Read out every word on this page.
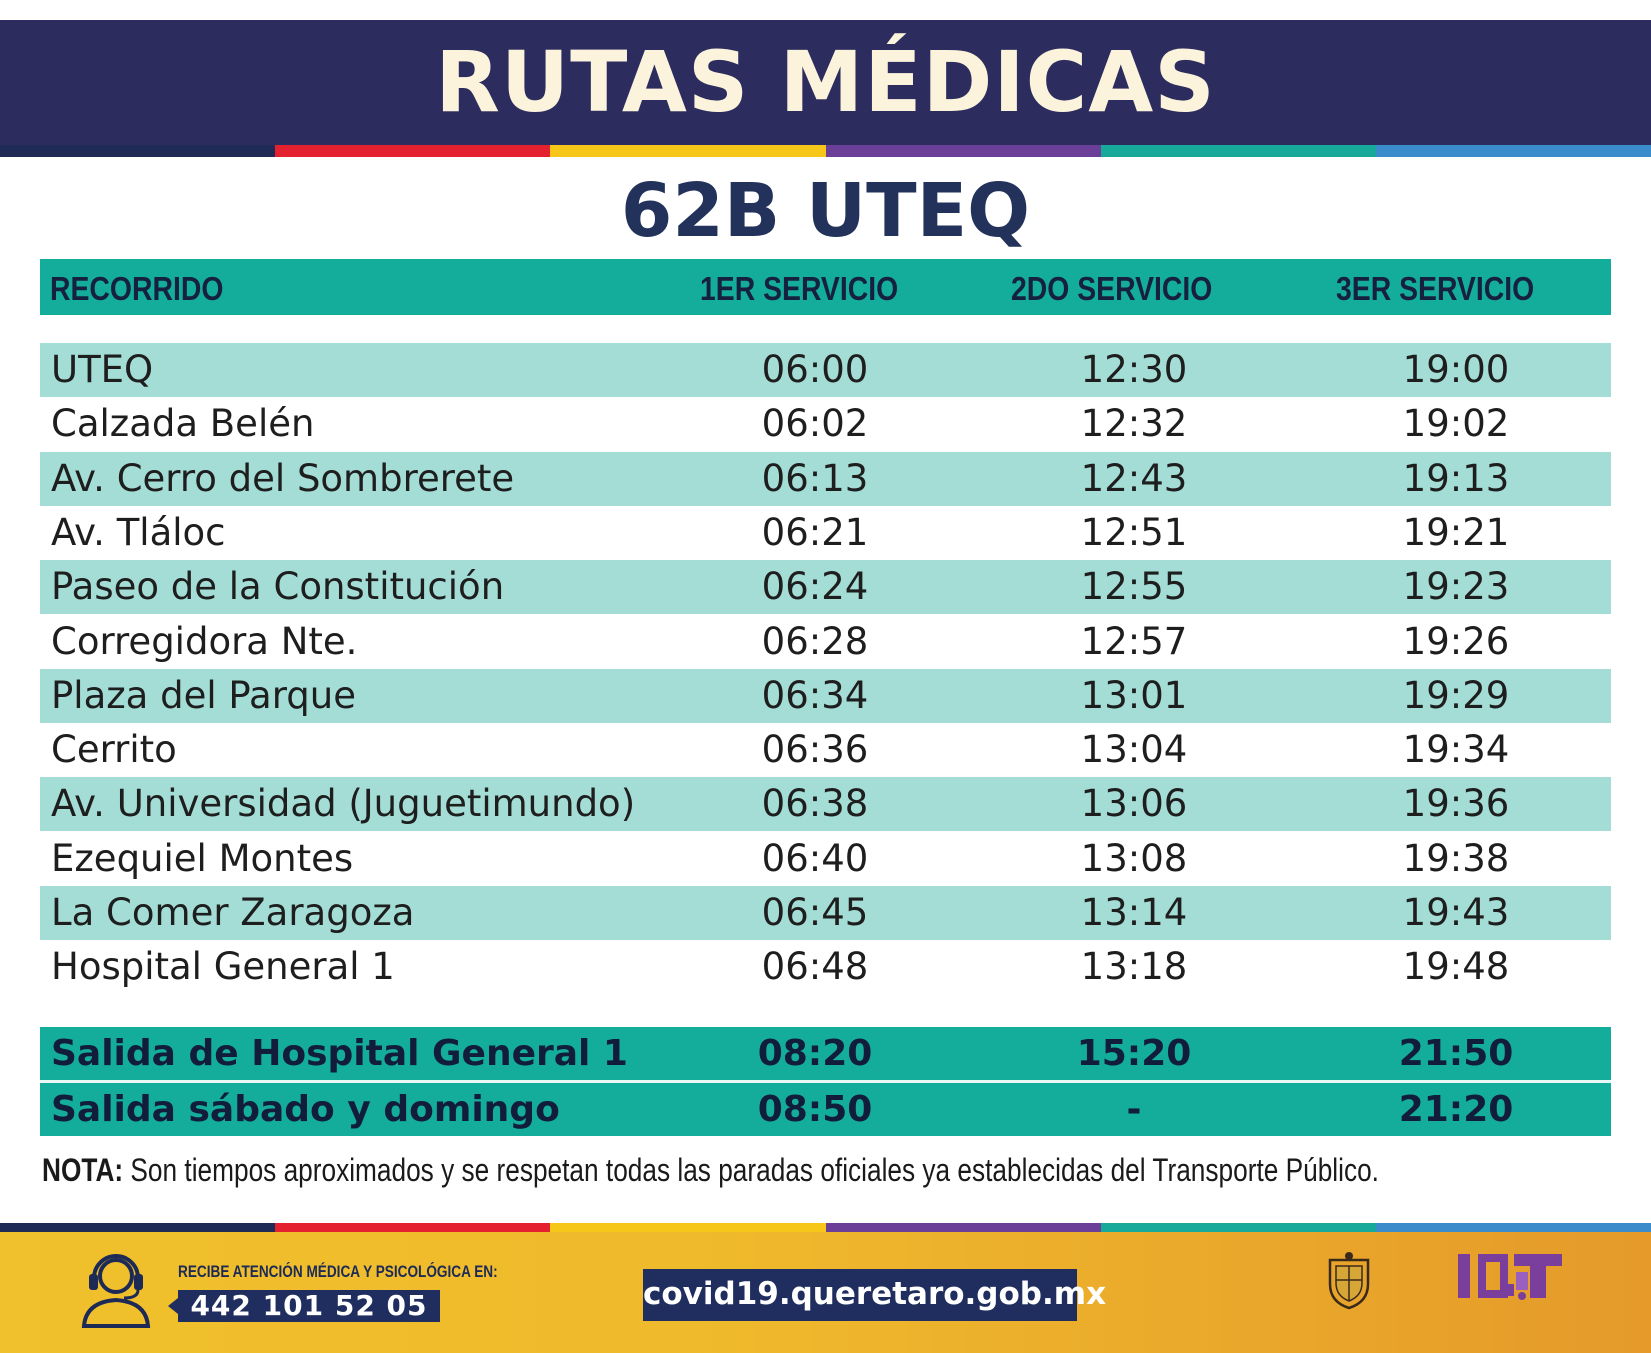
RUTAS MÉDICAS
62B UTEQ
RECORRIDO	1ER SERVICIO	2DO SERVICIO	3ER SERVICIO
UTEQ	06:00	12:30	19:00
Calzada Belén	06:02	12:32	19:02
Av. Cerro del Sombrerete	06:13	12:43	19:13
Av. Tláloc	06:21	12:51	19:21
Paseo de la Constitución	06:24	12:55	19:23
Corregidora Nte.	06:28	12:57	19:26
Plaza del Parque	06:34	13:01	19:29
Cerrito	06:36	13:04	19:34
Av. Universidad (Juguetimundo)	06:38	13:06	19:36
Ezequiel Montes	06:40	13:08	19:38
La Comer Zaragoza	06:45	13:14	19:43
Hospital General 1	06:48	13:18	19:48
Salida de Hospital General 1	08:20	15:20	21:50
Salida sábado y domingo	08:50	-	21:20
NOTA: Son tiempos aproximados y se respetan todas las paradas oficiales ya establecidas del Transporte Público.
RECIBE ATENCIÓN MÉDICA Y PSICOLÓGICA EN:
442 101 52 05	covid19.queretaro.gob.mx
